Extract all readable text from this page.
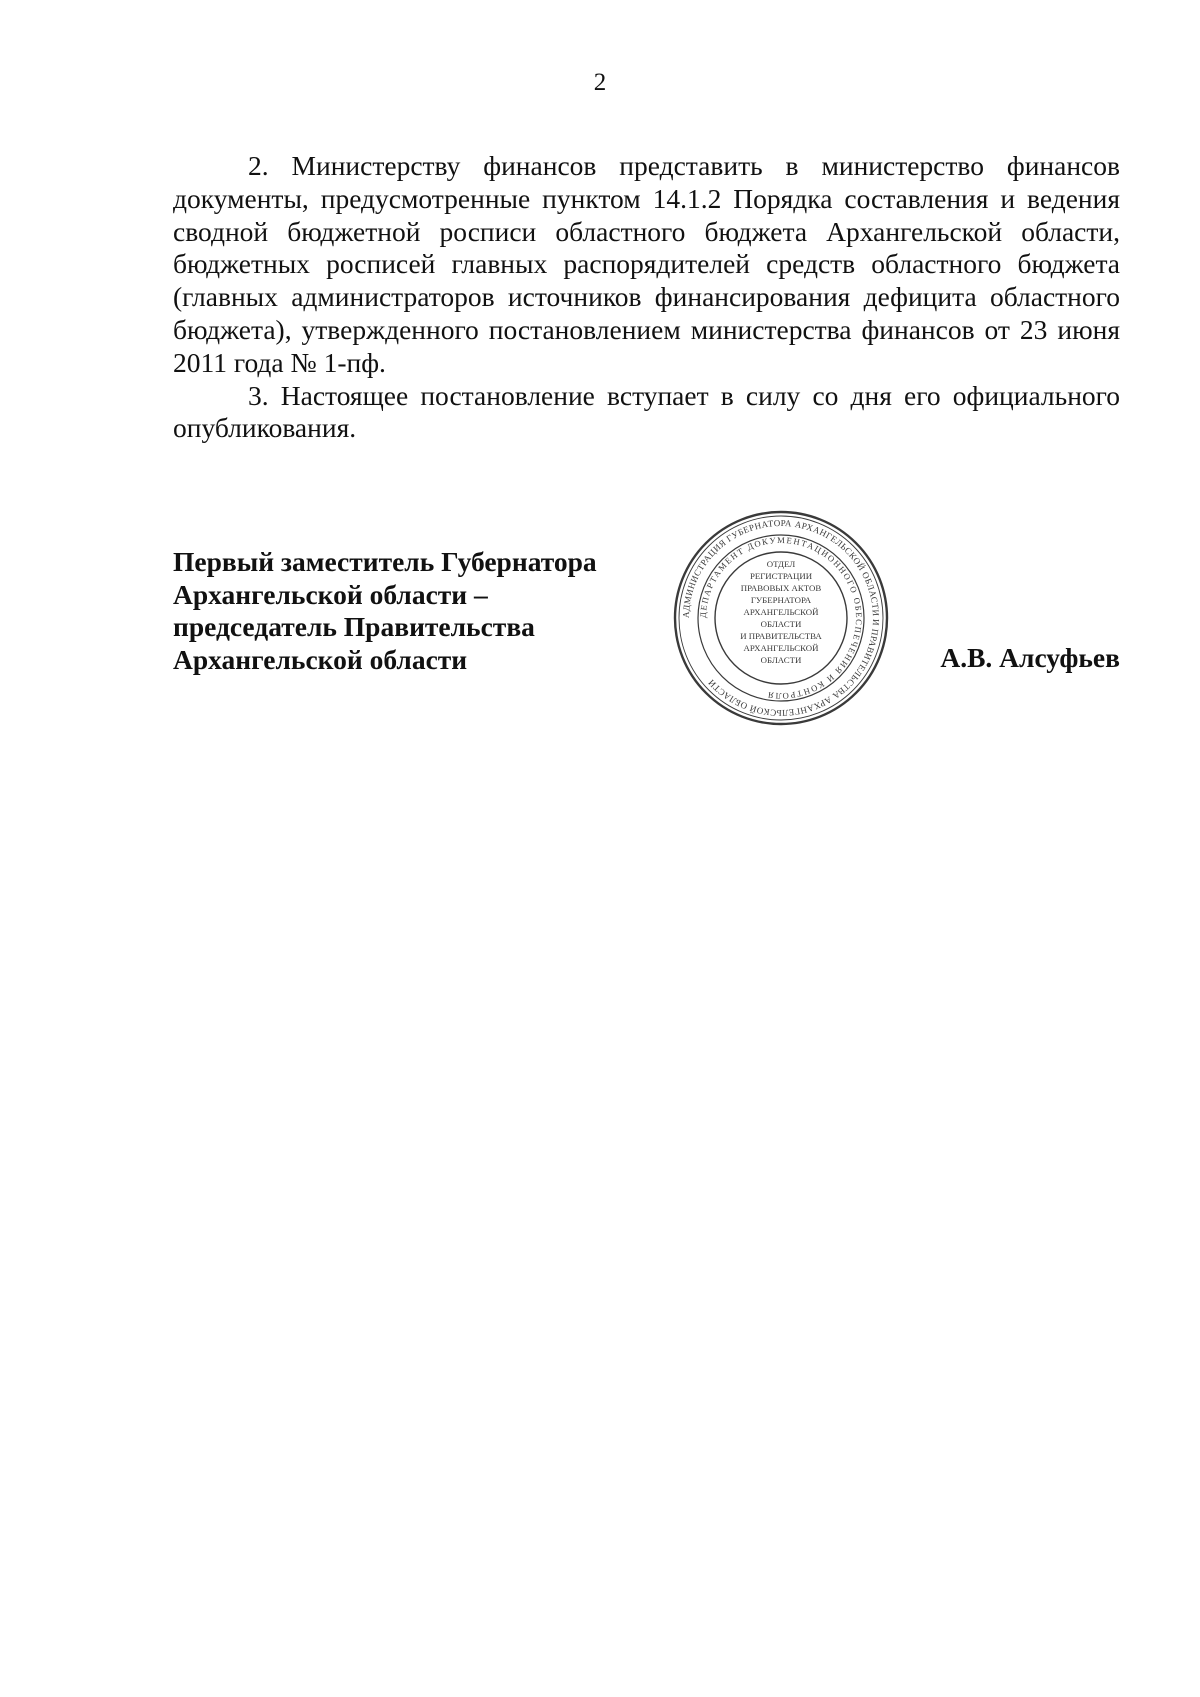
2

2. Министерству финансов представить в министерство финансов документы, предусмотренные пунктом 14.1.2 Порядка составления и ведения сводной бюджетной росписи областного бюджета Архангельской области, бюджетных росписей главных распорядителей средств областного бюджета (главных администраторов источников финансирования дефицита областного бюджета), утвержденного постановлением министерства финансов от 23 июня 2011 года № 1-пф.

3. Настоящее постановление вступает в силу со дня его официального опубликования.

Первый заместитель Губернатора
Архангельской области –
председатель Правительства
Архангельской области
АДМИНИСТРАЦИЯ ГУБЕРНАТОРА АРХАНГЕЛЬСКОЙ ОБЛАСТИ И ПРАВИТЕЛЬСТВА АРХАНГЕЛЬСКОЙ ОБЛАСТИ
ДЕПАРТАМЕНТ ДОКУМЕНТАЦИОННОГО ОБЕСПЕЧЕНИЯ И КОНТРОЛЯ
ОТДЕЛ
РЕГИСТРАЦИИ
ПРАВОВЫХ АКТОВ
ГУБЕРНАТОРА
АРХАНГЕЛЬСКОЙ
ОБЛАСТИ
И ПРАВИТЕЛЬСТВА
АРХАНГЕЛЬСКОЙ
ОБЛАСТИ	А.В. Алсуфьев
